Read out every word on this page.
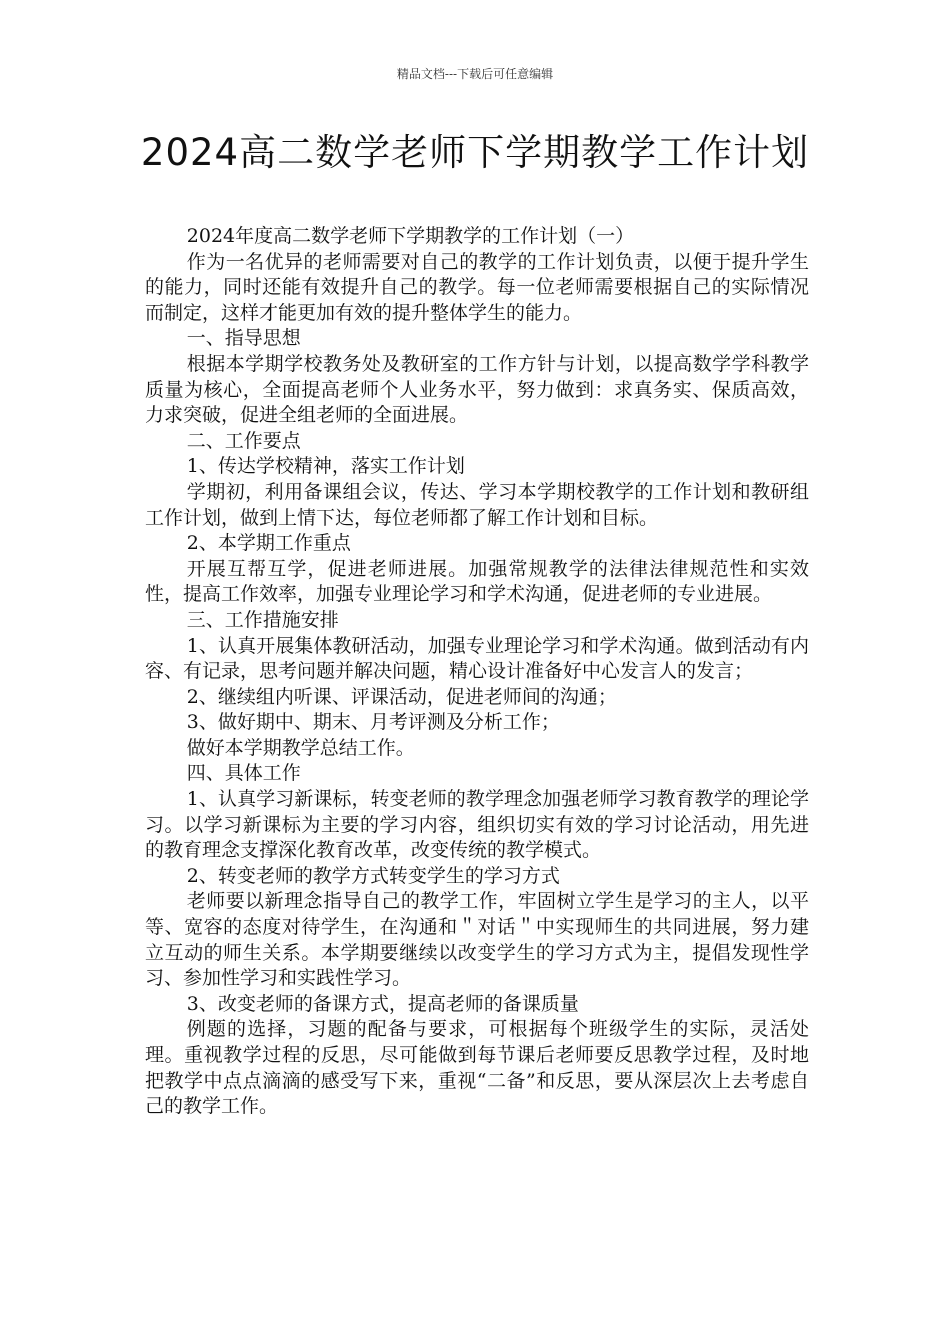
精品文档---下载后可任意编辑
2024高二数学老师下学期教学工作计划

2024年度高二数学老师下学期教学的工作计划（一）

作为一名优异的老师需要对自己的教学的工作计划负责，以便于提升学生的能力，同时还能有效提升自己的教学。每一位老师需要根据自己的实际情况而制定，这样才能更加有效的提升整体学生的能力。

一、指导思想

根据本学期学校教务处及教研室的工作方针与计划，以提高数学学科教学质量为核心，全面提高老师个人业务水平，努力做到：求真务实、保质高效，力求突破，促进全组老师的全面进展。

二、工作要点

1、传达学校精神，落实工作计划

学期初，利用备课组会议，传达、学习本学期校教学的工作计划和教研组工作计划，做到上情下达，每位老师都了解工作计划和目标。

2、本学期工作重点

开展互帮互学，促进老师进展。加强常规教学的法律法律规范性和实效性，提高工作效率，加强专业理论学习和学术沟通，促进老师的专业进展。

三、工作措施安排

1、认真开展集体教研活动，加强专业理论学习和学术沟通。做到活动有内容、有记录，思考问题并解决问题，精心设计准备好中心发言人的发言；

2、继续组内听课、评课活动，促进老师间的沟通；

3、做好期中、期末、月考评测及分析工作；

做好本学期教学总结工作。

四、具体工作

1、认真学习新课标，转变老师的教学理念加强老师学习教育教学的理论学习。以学习新课标为主要的学习内容，组织切实有效的学习讨论活动，用先进的教育理念支撑深化教育改革，改变传统的教学模式。

2、转变老师的教学方式转变学生的学习方式

老师要以新理念指导自己的教学工作，牢固树立学生是学习的主人，以平等、宽容的态度对待学生，在沟通和＂对话＂中实现师生的共同进展，努力建立互动的师生关系。本学期要继续以改变学生的学习方式为主，提倡发现性学习、参加性学习和实践性学习。

3、改变老师的备课方式，提高老师的备课质量

例题的选择，习题的配备与要求，可根据每个班级学生的实际，灵活处理。重视教学过程的反思，尽可能做到每节课后老师要反思教学过程，及时地把教学中点点滴滴的感受写下来，重视“二备”和反思，要从深层次上去考虑自己的教学工作。
